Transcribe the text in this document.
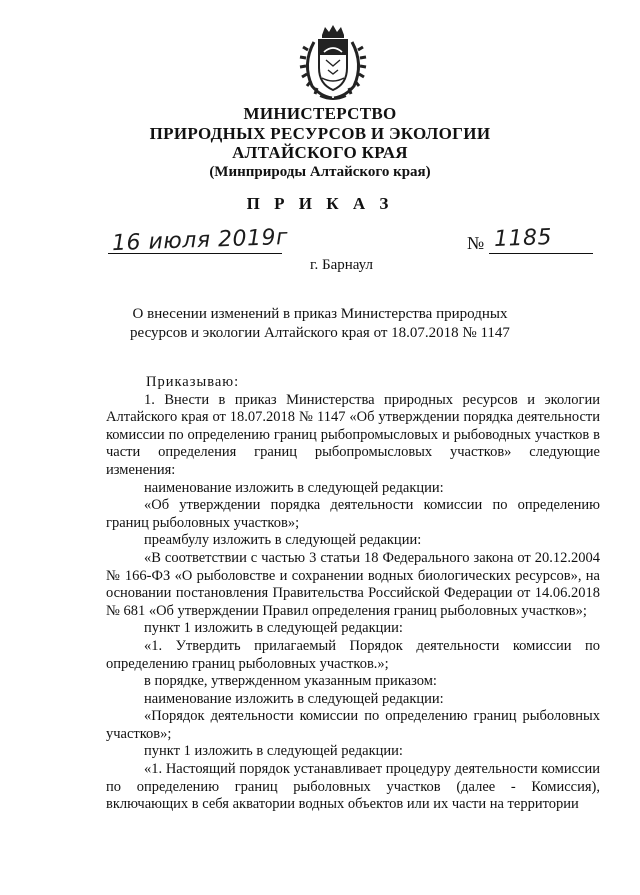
МИНИСТЕРСТВО
ПРИРОДНЫХ РЕСУРСОВ И ЭКОЛОГИИ
АЛТАЙСКОГО КРАЯ
(Минприроды Алтайского края)
П Р И К А З
16 июля 2019г	№ 1185
г. Барнаул
О внесении изменений в приказ Министерства природных
ресурсов и экологии Алтайского края от 18.07.2018 № 1147

Приказываю:

1. Внести в приказ Министерства природных ресурсов и экологии Алтайского края от 18.07.2018 № 1147 «Об утверждении порядка деятельности комиссии по определению границ рыбопромысловых и рыбоводных участков в части определения границ рыбопромысловых участков» следующие изменения:

наименование изложить в следующей редакции:

«Об утверждении порядка деятельности комиссии по определению границ рыболовных участков»;

преамбулу изложить в следующей редакции:

«В соответствии с частью 3 статьи 18 Федерального закона от 20.12.2004 № 166-ФЗ «О рыболовстве и сохранении водных биологических ресурсов», на основании постановления Правительства Российской Федерации от 14.06.2018 № 681 «Об утверждении Правил определения границ рыболовных участков»;

пункт 1 изложить в следующей редакции:

«1. Утвердить прилагаемый Порядок деятельности комиссии по определению границ рыболовных участков.»;

в порядке, утвержденном указанным приказом:

наименование изложить в следующей редакции:

«Порядок деятельности комиссии по определению границ рыболовных участков»;

пункт 1 изложить в следующей редакции:

«1. Настоящий порядок устанавливает процедуру деятельности комиссии по определению границ рыболовных участков (далее - Комиссия), включающих в себя акватории водных объектов или их части на территории
